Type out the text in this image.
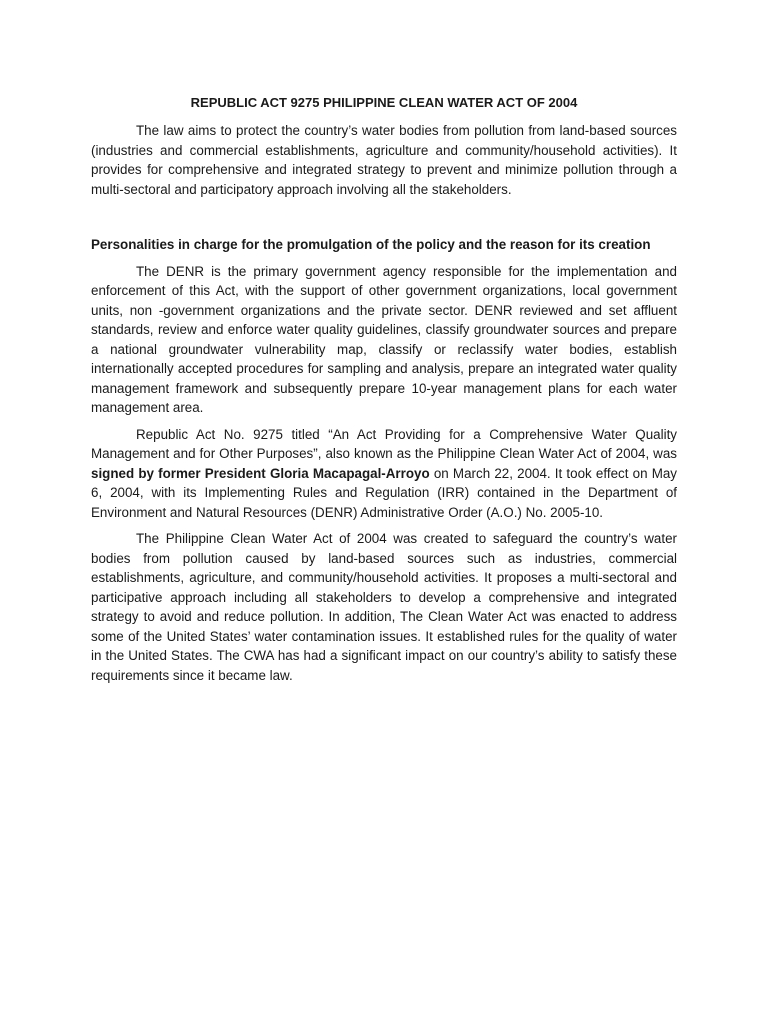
REPUBLIC ACT 9275 PHILIPPINE CLEAN WATER ACT OF 2004

The law aims to protect the country’s water bodies from pollution from land-based sources (industries and commercial establishments, agriculture and community/household activities). It provides for comprehensive and integrated strategy to prevent and minimize pollution through a multi-sectoral and participatory approach involving all the stakeholders.

Personalities in charge for the promulgation of the policy and the reason for its creation

The DENR is the primary government agency responsible for the implementation and enforcement of this Act, with the support of other government organizations, local government units, non -government organizations and the private sector. DENR reviewed and set affluent standards, review and enforce water quality guidelines, classify groundwater sources and prepare a national groundwater vulnerability map, classify or reclassify water bodies, establish internationally accepted procedures for sampling and analysis, prepare an integrated water quality management framework and subsequently prepare 10-year management plans for each water management area.

Republic Act No. 9275 titled “An Act Providing for a Comprehensive Water Quality Management and for Other Purposes”, also known as the Philippine Clean Water Act of 2004, was signed by former President Gloria Macapagal-Arroyo on March 22, 2004. It took effect on May 6, 2004, with its Implementing Rules and Regulation (IRR) contained in the Department of Environment and Natural Resources (DENR) Administrative Order (A.O.) No. 2005-10.

The Philippine Clean Water Act of 2004 was created to safeguard the country’s water bodies from pollution caused by land-based sources such as industries, commercial establishments, agriculture, and community/household activities. It proposes a multi-sectoral and participative approach including all stakeholders to develop a comprehensive and integrated strategy to avoid and reduce pollution. In addition, The Clean Water Act was enacted to address some of the United States’ water contamination issues. It established rules for the quality of water in the United States. The CWA has had a significant impact on our country’s ability to satisfy these requirements since it became law.
